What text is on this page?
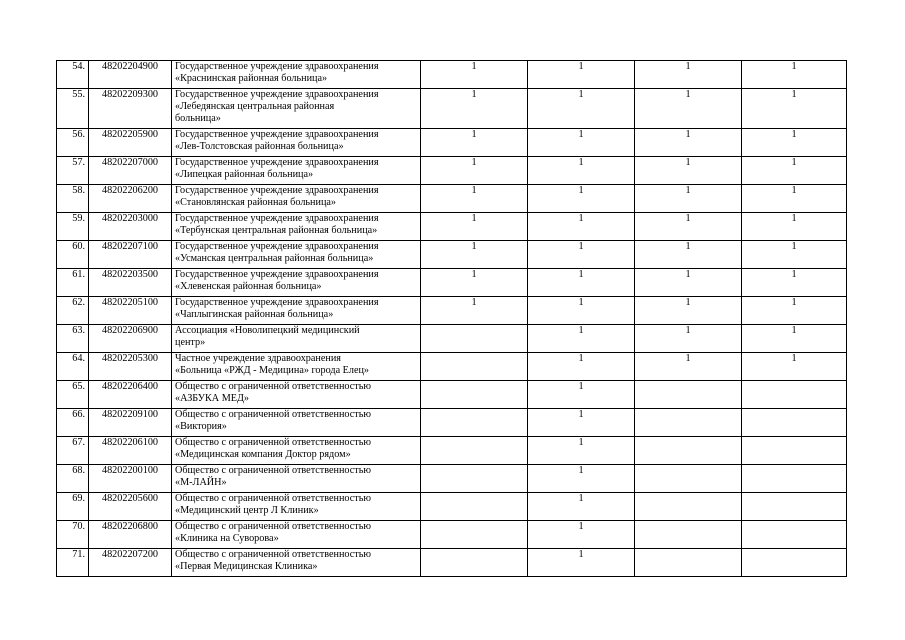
54.	48202204900	Государственное учреждение здравоохранения
«Краснинская районная больница»	1	1	1	1
55.	48202209300	Государственное учреждение здравоохранения
«Лебедянская центральная районная
больница»	1	1	1	1
56.	48202205900	Государственное учреждение здравоохранения
«Лев-Толстовская районная больница»	1	1	1	1
57.	48202207000	Государственное учреждение здравоохранения
«Липецкая районная больница»	1	1	1	1
58.	48202206200	Государственное учреждение здравоохранения
«Становлянская районная больница»	1	1	1	1
59.	48202203000	Государственное учреждение здравоохранения
«Тербунская центральная районная больница»	1	1	1	1
60.	48202207100	Государственное учреждение здравоохранения
«Усманская центральная районная больница»	1	1	1	1
61.	48202203500	Государственное учреждение здравоохранения
«Хлевенская районная больница»	1	1	1	1
62.	48202205100	Государственное учреждение здравоохранения
«Чаплыгинская районная больница»	1	1	1	1
63.	48202206900	Ассоциация «Новолипецкий медицинский
центр»		1	1	1
64.	48202205300	Частное учреждение здравоохранения
«Больница «РЖД - Медицина» города Елец»		1	1	1
65.	48202206400	Общество с ограниченной ответственностью
«АЗБУКА МЕД»		1		
66.	48202209100	Общество с ограниченной ответственностью
«Виктория»		1		
67.	48202206100	Общество с ограниченной ответственностью
«Медицинская компания Доктор рядом»		1		
68.	48202200100	Общество с ограниченной ответственностью
«М-ЛАЙН»		1		
69.	48202205600	Общество с ограниченной ответственностью
«Медицинский центр Л Клиник»		1		
70.	48202206800	Общество с ограниченной ответственностью
«Клиника на Суворова»		1		
71.	48202207200	Общество с ограниченной ответственностью
«Первая Медицинская Клиника»		1		
